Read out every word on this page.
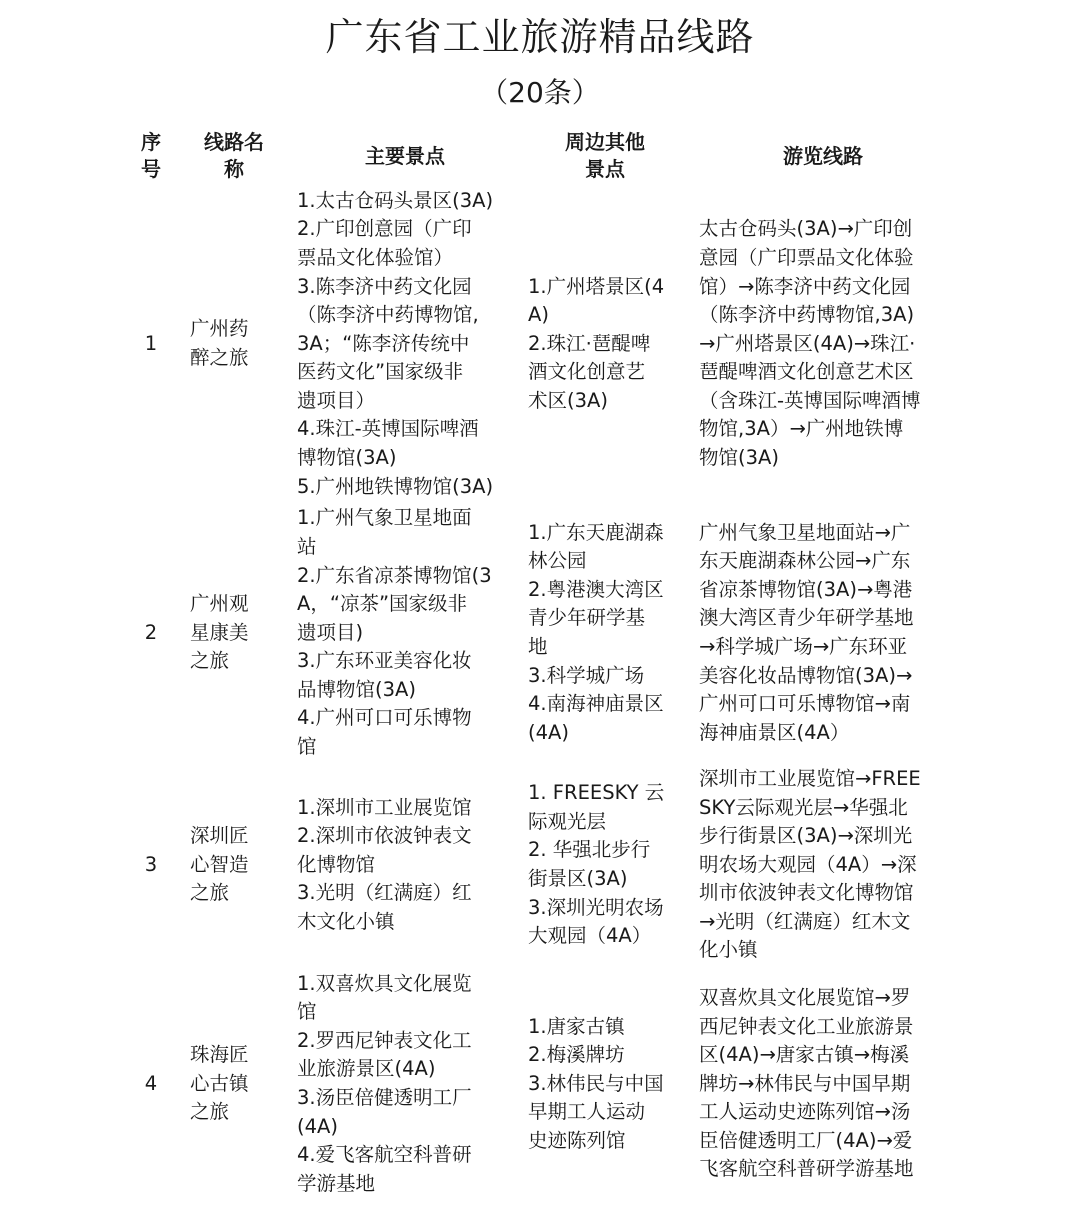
广东省工业旅游精品线路
（20条）
序
号
线路名
称
主要景点
周边其他
景点
游览线路
1
广州药
醉之旅
1.太古仓码头景区(3A)
2.广印创意园（广印
票品文化体验馆）
3.陈李济中药文化园
（陈李济中药博物馆,
3A；“陈李济传统中
医药文化”国家级非
遗项目）
4.珠江-英博国际啤酒
博物馆(3A)
5.广州地铁博物馆(3A)
1.广州塔景区(4
A)
2.珠江·琶醍啤
酒文化创意艺
术区(3A)
太古仓码头(3A)→广印创
意园（广印票品文化体验
馆）→陈李济中药文化园
（陈李济中药博物馆,3A)
→广州塔景区(4A)→珠江·
琶醍啤酒文化创意艺术区
（含珠江-英博国际啤酒博
物馆,3A）→广州地铁博
物馆(3A)
2
广州观
星康美
之旅
1.广州气象卫星地面
站
2.广东省凉茶博物馆(3
A，“凉茶”国家级非
遗项目)
3.广东环亚美容化妆
品博物馆(3A)
4.广州可口可乐博物
馆
1.广东天鹿湖森
林公园
2.粤港澳大湾区
青少年研学基
地
3.科学城广场
4.南海神庙景区
(4A)
广州气象卫星地面站→广
东天鹿湖森林公园→广东
省凉茶博物馆(3A)→粤港
澳大湾区青少年研学基地
→科学城广场→广东环亚
美容化妆品博物馆(3A)→
广州可口可乐博物馆→南
海神庙景区(4A）
3
深圳匠
心智造
之旅
1.深圳市工业展览馆
2.深圳市依波钟表文
化博物馆
3.光明（红满庭）红
木文化小镇
1. FREESKY 云
际观光层
2. 华强北步行
街景区(3A)
3.深圳光明农场
大观园（4A）
深圳市工业展览馆→FREE
SKY云际观光层→华强北
步行街景区(3A)→深圳光
明农场大观园（4A）→深
圳市依波钟表文化博物馆
→光明（红满庭）红木文
化小镇
4
珠海匠
心古镇
之旅
1.双喜炊具文化展览
馆
2.罗西尼钟表文化工
业旅游景区(4A)
3.汤臣倍健透明工厂
(4A)
4.爱飞客航空科普研
学游基地
1.唐家古镇
2.梅溪牌坊
3.林伟民与中国
早期工人运动
史迹陈列馆
双喜炊具文化展览馆→罗
西尼钟表文化工业旅游景
区(4A)→唐家古镇→梅溪
牌坊→林伟民与中国早期
工人运动史迹陈列馆→汤
臣倍健透明工厂(4A)→爱
飞客航空科普研学游基地
